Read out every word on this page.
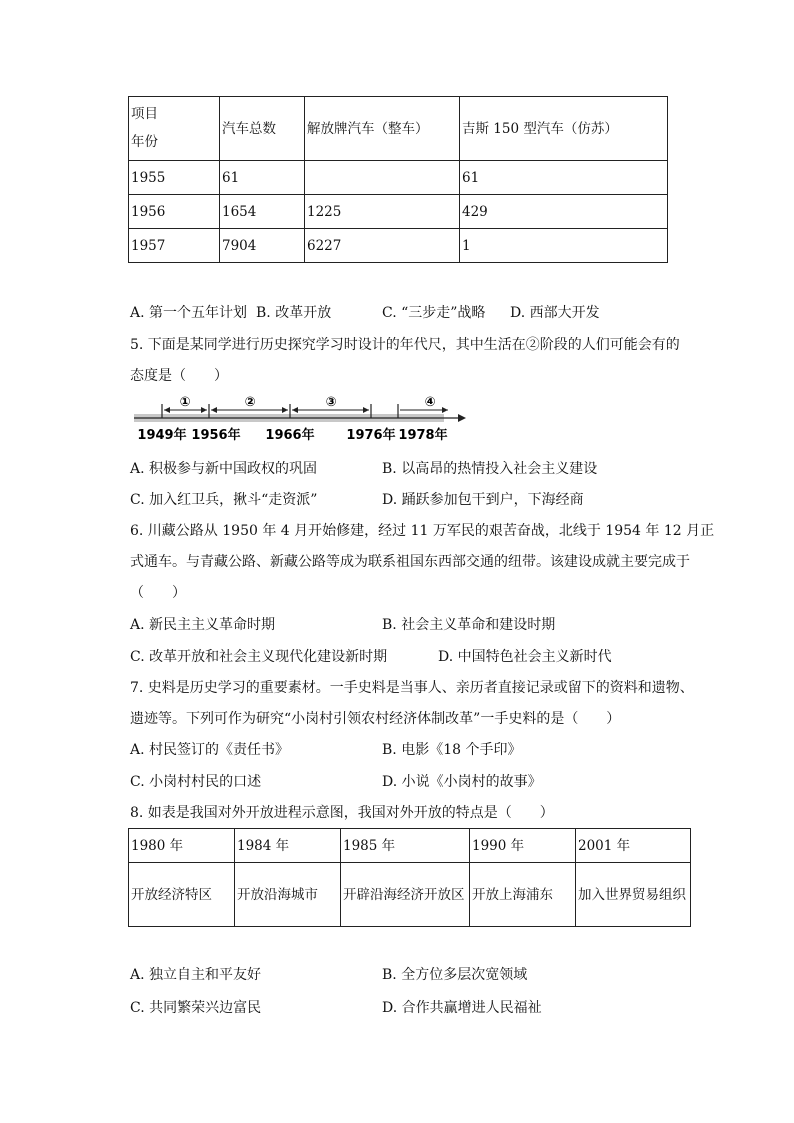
项目
年份	汽车总数	解放牌汽车（整车）	吉斯 150 型汽车（仿苏）
1955	61		61
1956	1654	1225	429
1957	7904	6227	1
A. 第一个五年计划 B. 改革开放	C. “三步走”战略 D. 西部大开发
5. 下面是某同学进行历史探究学习时设计的年代尺，其中生活在②阶段的人们可能会有的
态度是（　　）
①	②	③	④
1949年 1956年 1966年 1976年 1978年
A. 积极参与新中国政权的巩固	B. 以高昂的热情投入社会主义建设
C. 加入红卫兵，揪斗“走资派”	D. 踊跃参加包干到户，下海经商
6. 川藏公路从 1950 年 4 月开始修建，经过 11 万军民的艰苦奋战，北线于 1954 年 12 月正
式通车。与青藏公路、新藏公路等成为联系祖国东西部交通的纽带。该建设成就主要完成于
（　　）
A. 新民主主义革命时期	B. 社会主义革命和建设时期
C. 改革开放和社会主义现代化建设新时期	D. 中国特色社会主义新时代
7. 史料是历史学习的重要素材。一手史料是当事人、亲历者直接记录或留下的资料和遗物、
遗迹等。下列可作为研究“小岗村引领农村经济体制改革”一手史料的是（　　）
A. 村民签订的《责任书》	B. 电影《18 个手印》
C. 小岗村村民的口述	D. 小说《小岗村的故事》
8. 如表是我国对外开放进程示意图，我国对外开放的特点是（　　）
1980 年	1984 年	1985 年	1990 年	2001 年
开放经济特区	开放沿海城市	开辟沿海经济开放区	开放上海浦东	加入世界贸易组织
A. 独立自主和平友好	B. 全方位多层次宽领域
C. 共同繁荣兴边富民	D. 合作共赢增进人民福祉
